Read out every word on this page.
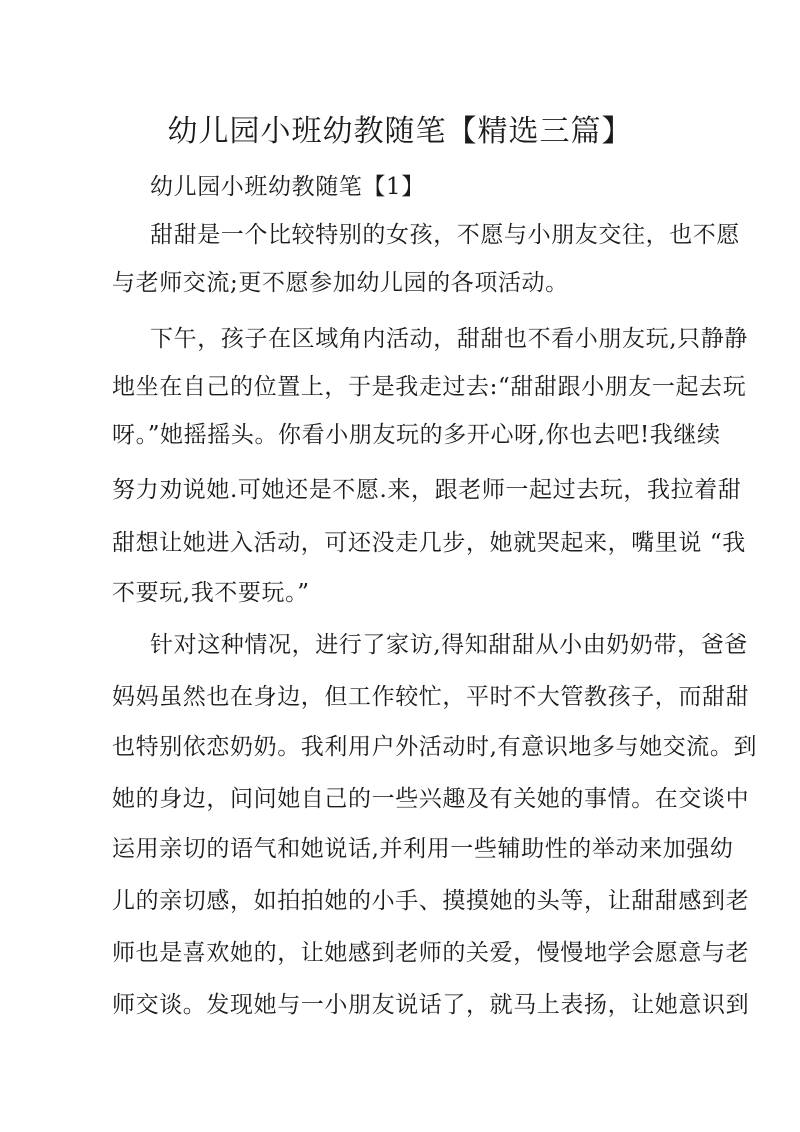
幼儿园小班幼教随笔【精选三篇】
幼儿园小班幼教随笔【1】
甜甜是一个比较特别的女孩，不愿与小朋友交往，也不愿
与老师交流;更不愿参加幼儿园的各项活动。
下午，孩子在区域角内活动，甜甜也不看小朋友玩,只静静
地坐在自己的位置上，于是我走过去:“甜甜跟小朋友一起去玩
呀。”她摇摇头。你看小朋友玩的多开心呀,你也去吧!我继续
努力劝说她.可她还是不愿.来，跟老师一起过去玩，我拉着甜
甜想让她进入活动，可还没走几步，她就哭起来，嘴里说 “我
不要玩,我不要玩。”
针对这种情况，进行了家访,得知甜甜从小由奶奶带，爸爸
妈妈虽然也在身边，但工作较忙，平时不大管教孩子，而甜甜
也特别依恋奶奶。我利用户外活动时,有意识地多与她交流。到
她的身边，问问她自己的一些兴趣及有关她的事情。在交谈中
运用亲切的语气和她说话,并利用一些辅助性的举动来加强幼
儿的亲切感，如拍拍她的小手、摸摸她的头等，让甜甜感到老
师也是喜欢她的，让她感到老师的关爱，慢慢地学会愿意与老
师交谈。发现她与一小朋友说话了，就马上表扬，让她意识到
